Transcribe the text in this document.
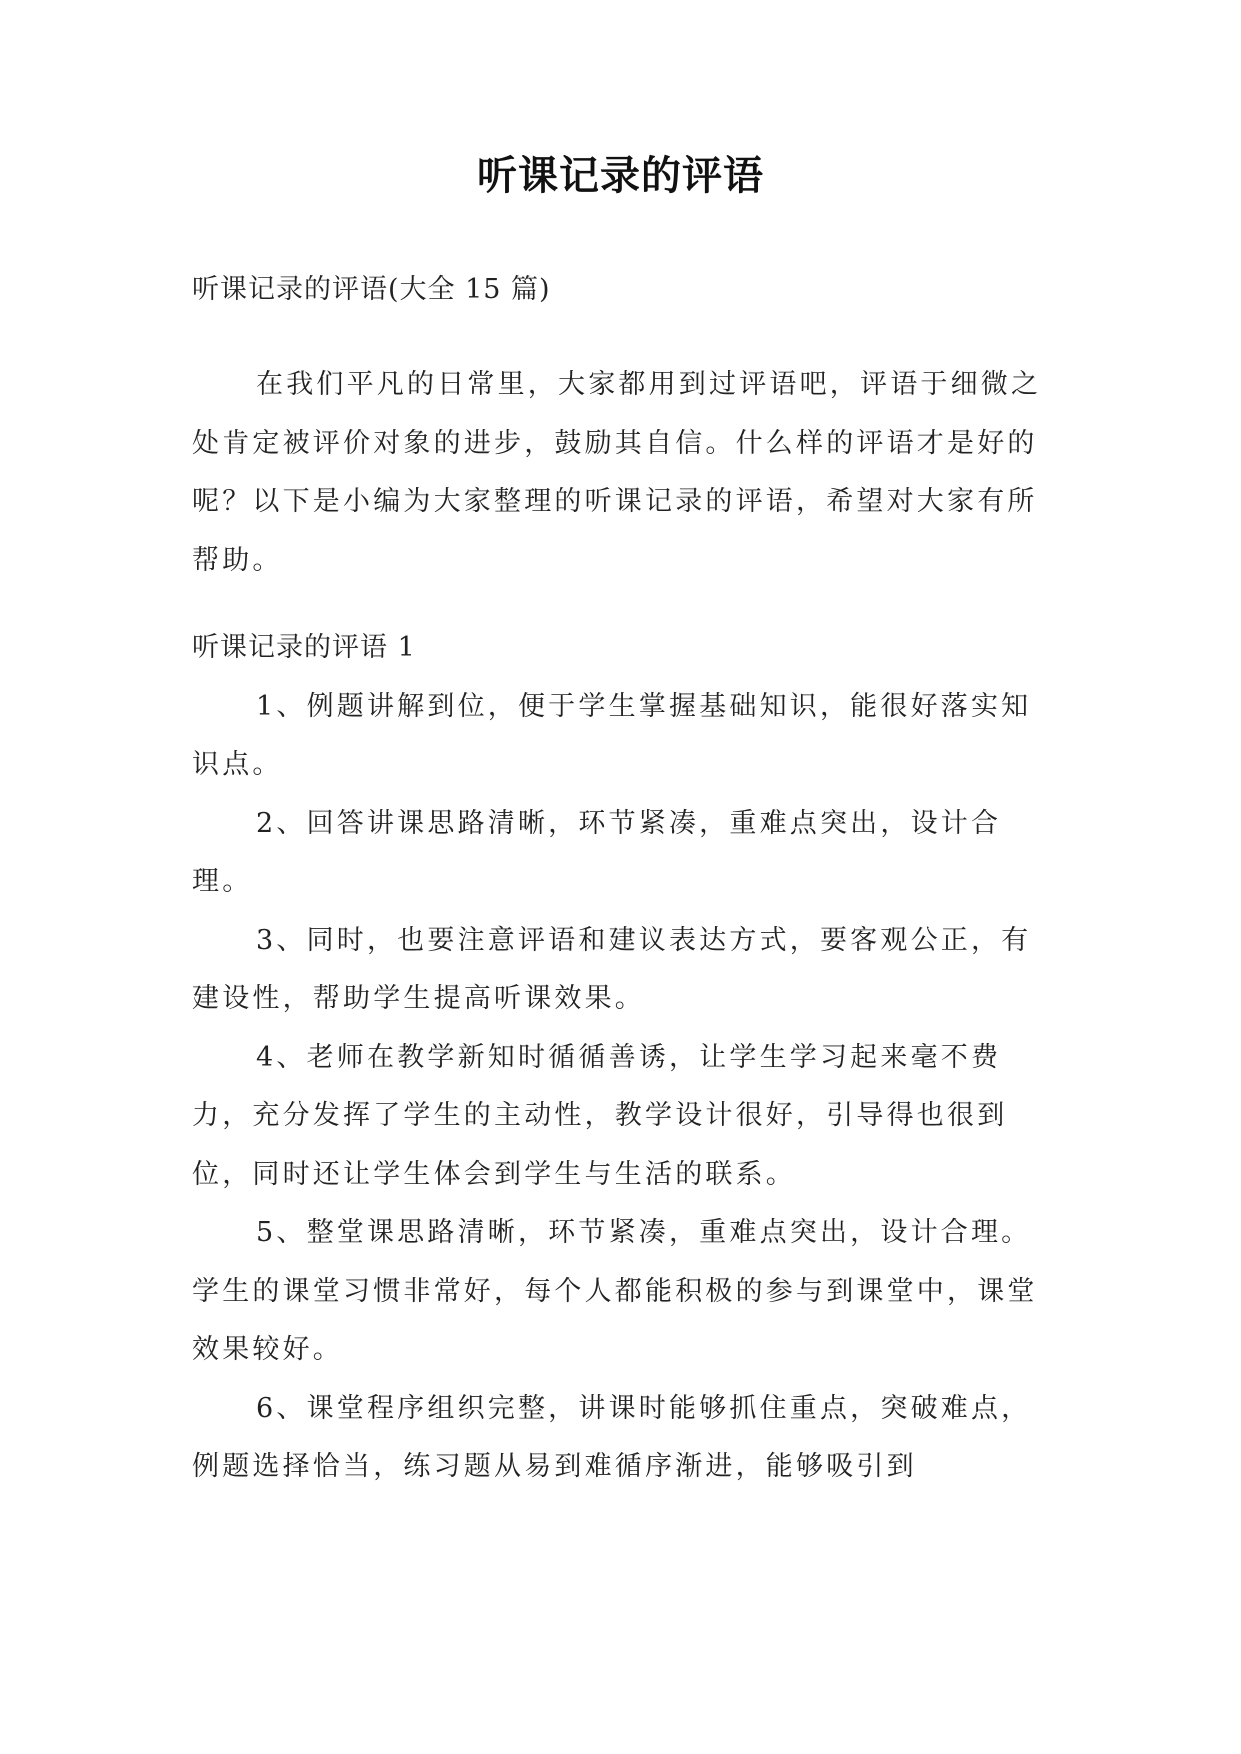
听课记录的评语
听课记录的评语(大全 15 篇)

在我们平凡的日常里，大家都用到过评语吧，评语于细微之处肯定被评价对象的进步，鼓励其自信。什么样的评语才是好的呢？以下是小编为大家整理的听课记录的评语，希望对大家有所帮助。

听课记录的评语 1

1、例题讲解到位，便于学生掌握基础知识，能很好落实知识点。

2、回答讲课思路清晰，环节紧凑，重难点突出，设计合理。

3、同时，也要注意评语和建议表达方式，要客观公正，有建设性，帮助学生提高听课效果。

4、老师在教学新知时循循善诱，让学生学习起来毫不费力，充分发挥了学生的主动性，教学设计很好，引导得也很到位，同时还让学生体会到学生与生活的联系。

5、整堂课思路清晰，环节紧凑，重难点突出，设计合理。学生的课堂习惯非常好，每个人都能积极的参与到课堂中，课堂效果较好。

6、课堂程序组织完整，讲课时能够抓住重点，突破难点，例题选择恰当，练习题从易到难循序渐进，能够吸引到
